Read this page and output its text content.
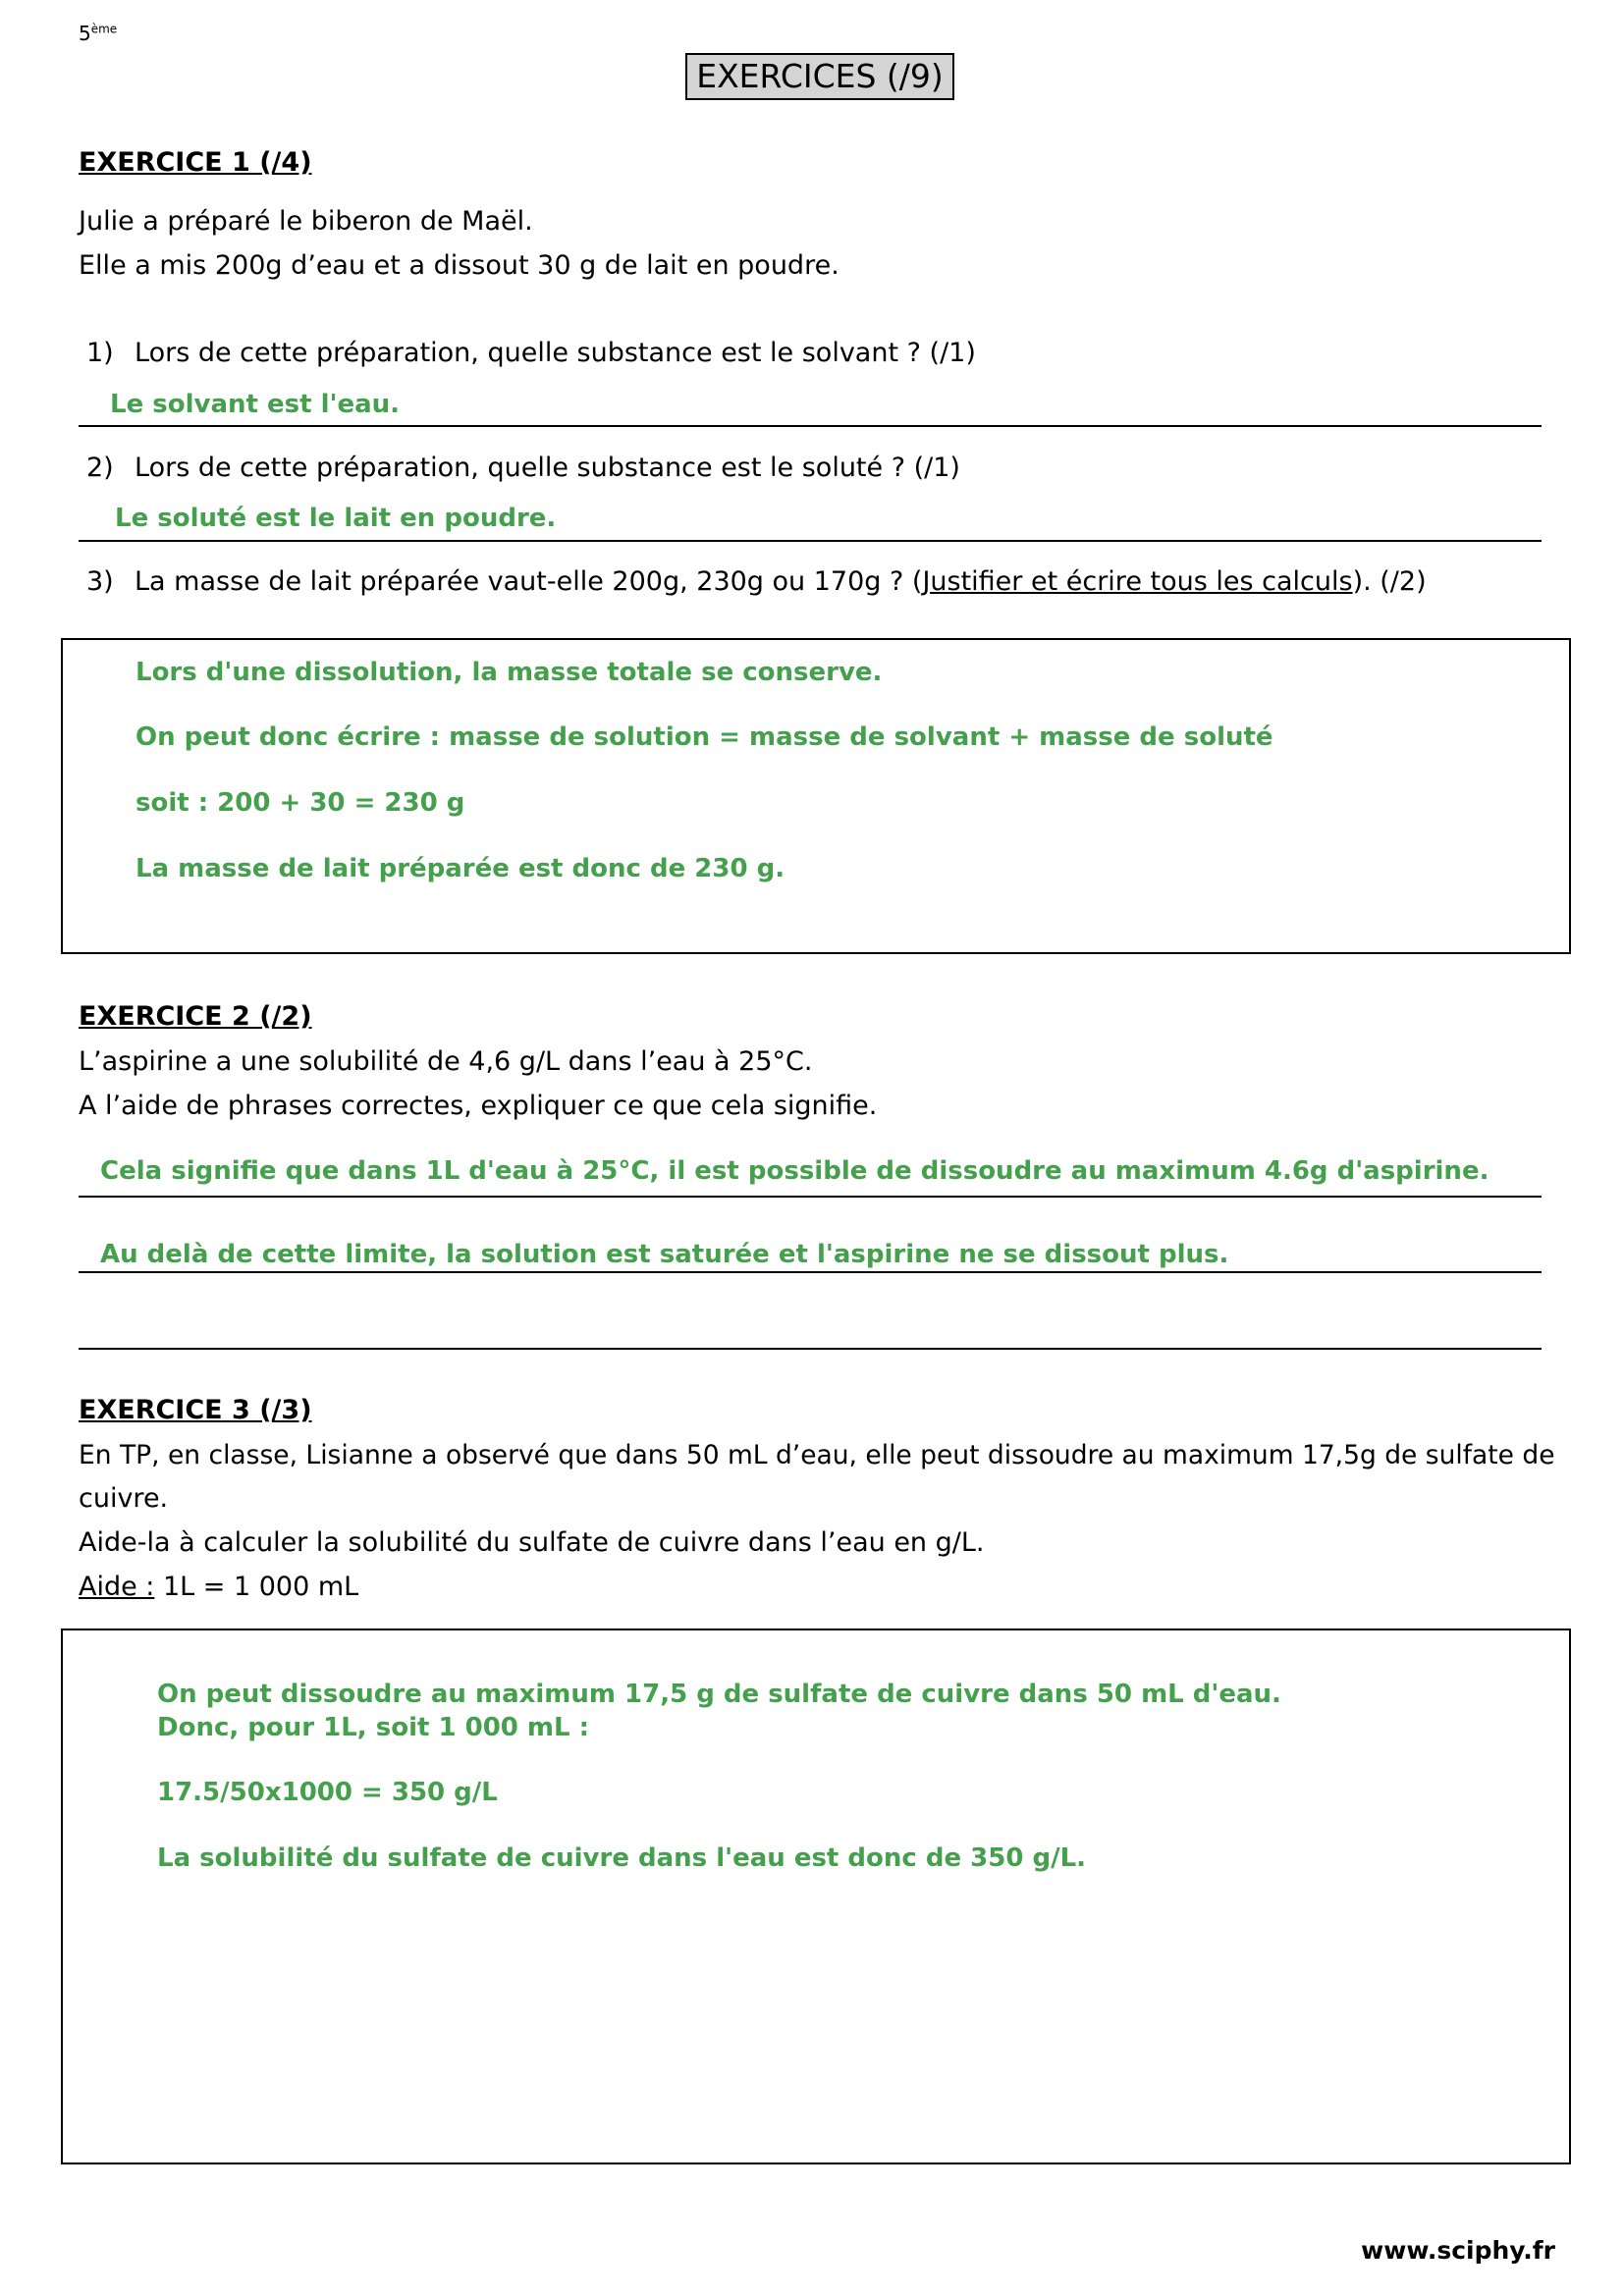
5ème
EXERCICES (/9)
EXERCICE 1 (/4)
Julie a préparé le biberon de Maël.
Elle a mis 200g d’eau et a dissout 30 g de lait en poudre.
1) Lors de cette préparation, quelle substance est le solvant ? (/1)
Le solvant est l'eau.
2) Lors de cette préparation, quelle substance est le soluté ? (/1)
Le soluté est le lait en poudre.
3) La masse de lait préparée vaut-elle 200g, 230g ou 170g ? (Justifier et écrire tous les calculs). (/2)
Lors d'une dissolution, la masse totale se conserve.
On peut donc écrire : masse de solution = masse de solvant + masse de soluté
soit : 200 + 30 = 230 g
La masse de lait préparée est donc de 230 g.
EXERCICE 2 (/2)
L’aspirine a une solubilité de 4,6 g/L dans l’eau à 25°C.
A l’aide de phrases correctes, expliquer ce que cela signifie.
Cela signifie que dans 1L d'eau à 25°C, il est possible de dissoudre au maximum 4.6g d'aspirine.
Au delà de cette limite, la solution est saturée et l'aspirine ne se dissout plus.
EXERCICE 3 (/3)
En TP, en classe, Lisianne a observé que dans 50 mL d’eau, elle peut dissoudre au maximum 17,5g de sulfate de
cuivre.
Aide-la à calculer la solubilité du sulfate de cuivre dans l’eau en g/L.
Aide : 1L = 1 000 mL
On peut dissoudre au maximum 17,5 g de sulfate de cuivre dans 50 mL d'eau.
Donc, pour 1L, soit 1 000 mL :
17.5/50x1000 = 350 g/L
La solubilité du sulfate de cuivre dans l'eau est donc de 350 g/L.
www.sciphy.fr
